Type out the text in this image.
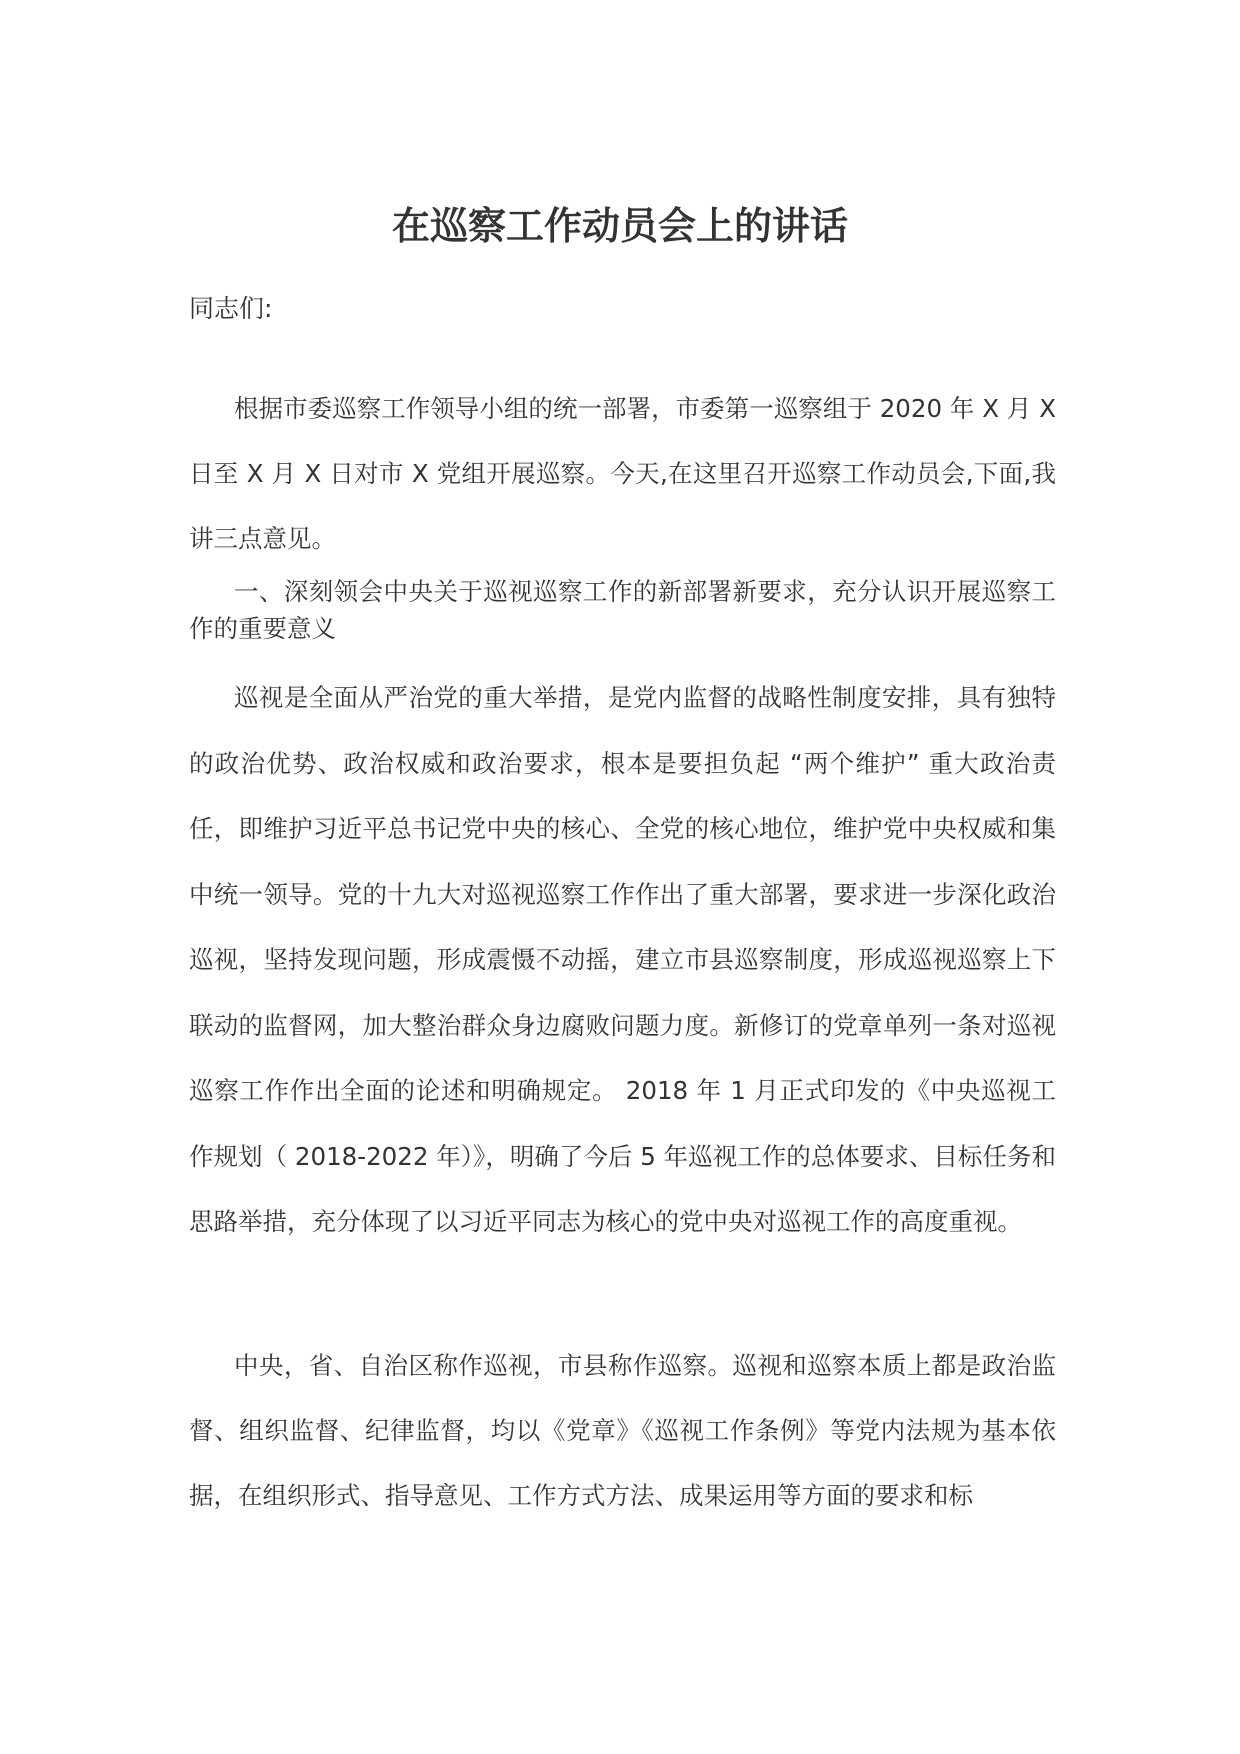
在巡察工作动员会上的讲话

同志们:

根据市委巡察工作领导小组的统一部署，市委第一巡察组于 2020 年 X 月 X 日至 X 月 X 日对市 X 党组开展巡察。今天,在这里召开巡察工作动员会,下面,我讲三点意见。

一、深刻领会中央关于巡视巡察工作的新部署新要求，充分认识开展巡察工作的重要意义

巡视是全面从严治党的重大举措，是党内监督的战略性制度安排，具有独特的政治优势、政治权威和政治要求，根本是要担负起 “两个维护” 重大政治责任，即维护习近平总书记党中央的核心、全党的核心地位，维护党中央权威和集中统一领导。党的十九大对巡视巡察工作作出了重大部署，要求进一步深化政治巡视，坚持发现问题，形成震慑不动摇，建立市县巡察制度，形成巡视巡察上下联动的监督网，加大整治群众身边腐败问题力度。新修订的党章单列一条对巡视巡察工作作出全面的论述和明确规定。 2018 年 1 月正式印发的《中央巡视工作规划（ 2018-2022 年）》，明确了今后 5 年巡视工作的总体要求、目标任务和思路举措，充分体现了以习近平同志为核心的党中央对巡视工作的高度重视。

中央，省、自治区称作巡视，市县称作巡察。巡视和巡察本质上都是政治监督、组织监督、纪律监督，均以《党章》《巡视工作条例》等党内法规为基本依据，在组织形式、指导意见、工作方式方法、成果运用等方面的要求和标
